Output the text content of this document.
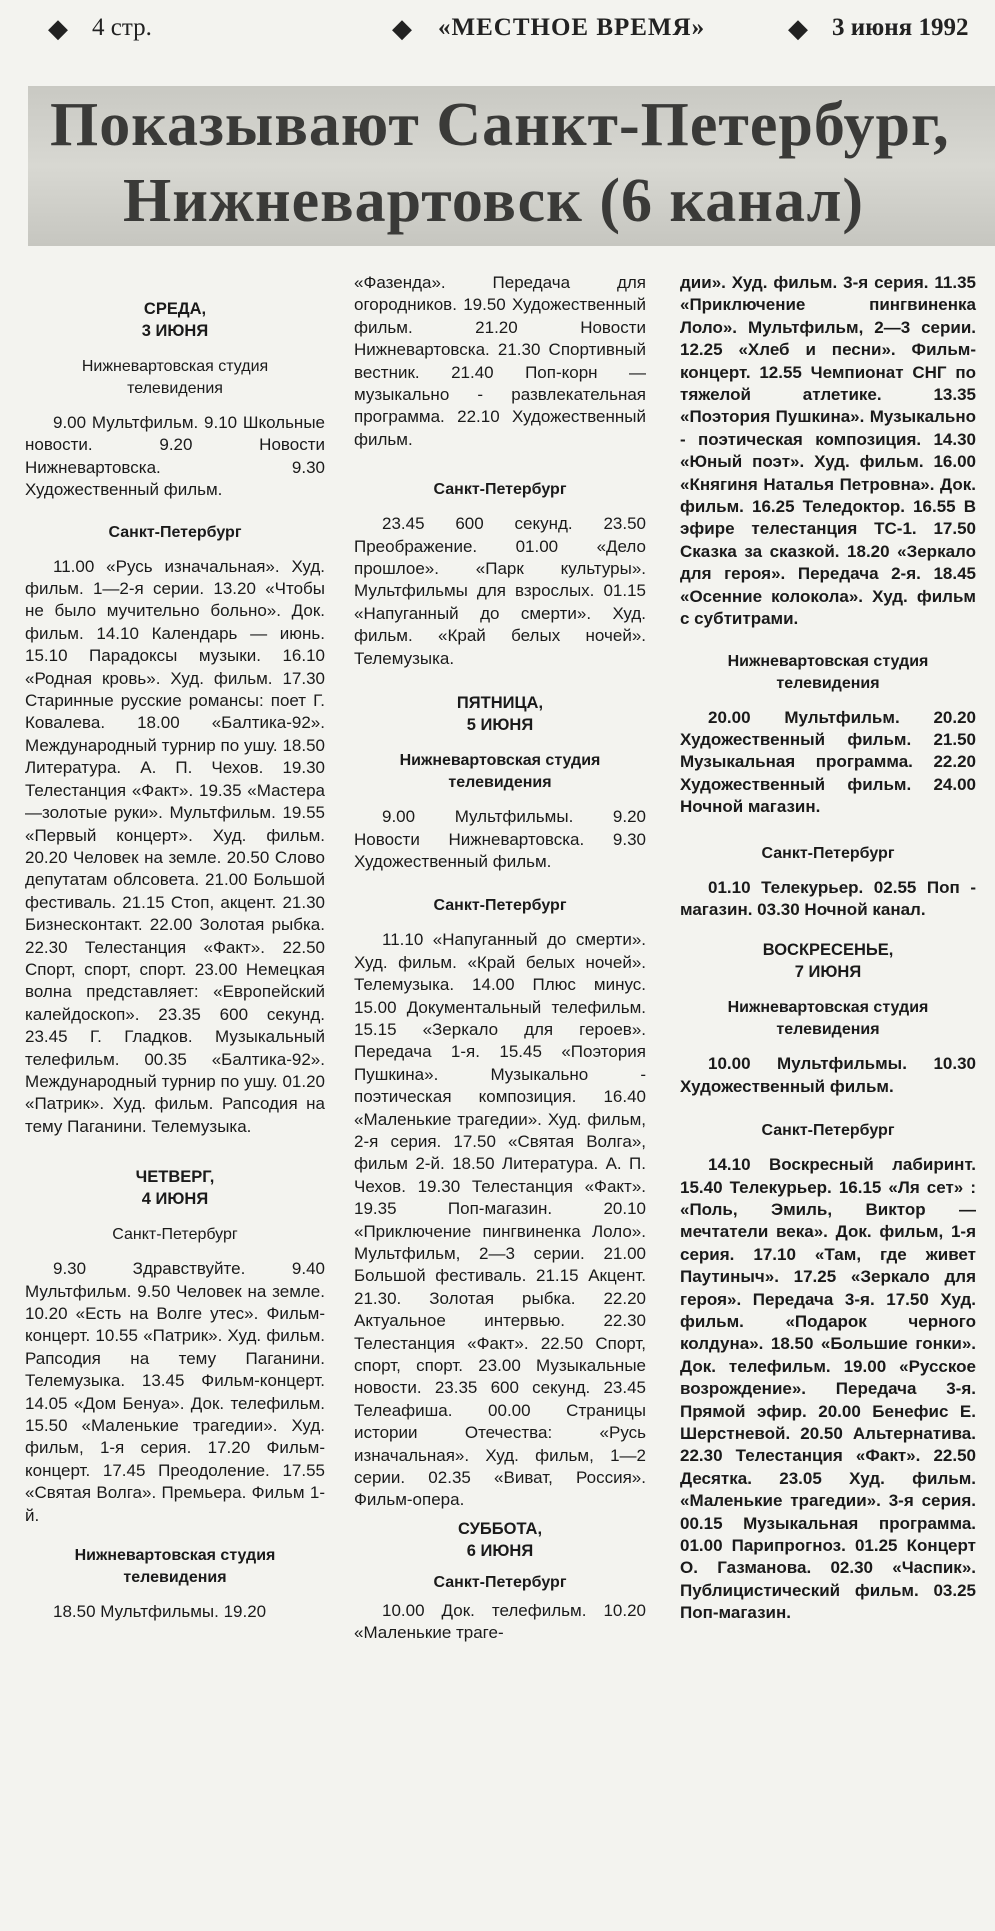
◆ 4 стр.	◆ «МЕСТНОЕ ВРЕМЯ»	◆ 3 июня 1992
Показывают Санкт-Петербург,
Нижневартовск (6 канал)
СРЕДА,
3 ИЮНЯ
Нижневартовская студия
телевидения

9.00 Мультфильм. 9.10 Школьные новости. 9.20 Новости Нижневартовска. 9.30 Художественный фильм.

Санкт-Петербург

11.00 «Русь изначальная». Худ. фильм. 1—2-я серии. 13.20 «Чтобы не было мучительно больно». Док. фильм. 14.10 Календарь — июнь. 15.10 Парадоксы музыки. 16.10 «Родная кровь». Худ. фильм. 17.30 Старинные русские романсы: поет Г. Ковалева. 18.00 «Балтика-92». Международный турнир по ушу. 18.50 Литература. А. П. Чехов. 19.30 Телестанция «Факт». 19.35 «Мастера—золотые руки». Мультфильм. 19.55 «Первый концерт». Худ. фильм. 20.20 Человек на земле. 20.50 Слово депутатам облсовета. 21.00 Большой фестиваль. 21.15 Стоп, акцент. 21.30 Бизнесконтакт. 22.00 Золотая рыбка. 22.30 Телестанция «Факт». 22.50 Спорт, спорт, спорт. 23.00 Немецкая волна представляет: «Европейский калейдоскоп». 23.35 600 секунд. 23.45 Г. Гладков. Музыкальный телефильм. 00.35 «Балтика-92». Международный турнир по ушу. 01.20 «Патрик». Худ. фильм. Рапсодия на тему Паганини. Телемузыка.

ЧЕТВЕРГ,
4 ИЮНЯ
Санкт-Петербург

9.30 Здравствуйте. 9.40 Мультфильм. 9.50 Человек на земле. 10.20 «Есть на Волге утес». Фильм-концерт. 10.55 «Патрик». Худ. фильм. Рапсодия на тему Паганини. Телемузыка. 13.45 Фильм-концерт. 14.05 «Дом Бенуа». Док. телефильм. 15.50 «Маленькие трагедии». Худ. фильм, 1-я серия. 17.20 Фильм-концерт. 17.45 Преодоление. 17.55 «Святая Волга». Премьера. Фильм 1-й.

Нижневартовская студия
телевидения

18.50 Мультфильмы. 19.20

«Фазенда». Передача для огородников. 19.50 Художественный фильм. 21.20 Новости Нижневартовска. 21.30 Спортивный вестник. 21.40 Поп-корн — музыкально - развлекательная программа. 22.10 Художественный фильм.

Санкт-Петербург

23.45 600 секунд. 23.50 Преображение. 01.00 «Дело прошлое». «Парк культуры». Мультфильмы для взрослых. 01.15 «Напуганный до смерти». Худ. фильм. «Край белых ночей». Телемузыка.

ПЯТНИЦА,
5 ИЮНЯ
Нижневартовская студия
телевидения

9.00 Мультфильмы. 9.20 Новости Нижневартовска. 9.30 Художественный фильм.

Санкт-Петербург

11.10 «Напуганный до смерти». Худ. фильм. «Край белых ночей». Телемузыка. 14.00 Плюс минус. 15.00 Документальный телефильм. 15.15 «Зеркало для героев». Передача 1-я. 15.45 «Поэтория Пушкина». Музыкально - поэтическая композиция. 16.40 «Маленькие трагедии». Худ. фильм, 2-я серия. 17.50 «Святая Волга», фильм 2-й. 18.50 Литература. А. П. Чехов. 19.30 Телестанция «Факт». 19.35 Поп-магазин. 20.10 «Приключение пингвиненка Лоло». Мультфильм, 2—3 серии. 21.00 Большой фестиваль. 21.15 Акцент. 21.30. Золотая рыбка. 22.20 Актуальное интервью. 22.30 Телестанция «Факт». 22.50 Спорт, спорт, спорт. 23.00 Музыкальные новости. 23.35 600 секунд. 23.45 Телеафиша. 00.00 Страницы истории Отечества: «Русь изначальная». Худ. фильм, 1—2 серии. 02.35 «Виват, Россия». Фильм-опера.

СУББОТА,
6 ИЮНЯ
Санкт-Петербург

10.00 Док. телефильм. 10.20 «Маленькие траге-

дии». Худ. фильм. 3-я серия. 11.35 «Приключение пингвиненка Лоло». Мультфильм, 2—3 серии. 12.25 «Хлеб и песни». Фильм-концерт. 12.55 Чемпионат СНГ по тяжелой атлетике. 13.35 «Поэтория Пушкина». Музыкально - поэтическая композиция. 14.30 «Юный поэт». Худ. фильм. 16.00 «Княгиня Наталья Петровна». Док. фильм. 16.25 Теледоктор. 16.55 В эфире телестанция ТС-1. 17.50 Сказка за сказкой. 18.20 «Зеркало для героя». Передача 2-я. 18.45 «Осенние колокола». Худ. фильм с субтитрами.

Нижневартовская студия
телевидения

20.00 Мультфильм. 20.20 Художественный фильм. 21.50 Музыкальная программа. 22.20 Художественный фильм. 24.00 Ночной магазин.

Санкт-Петербург

01.10 Телекурьер. 02.55 Поп - магазин. 03.30 Ночной канал.

ВОСКРЕСЕНЬЕ,
7 ИЮНЯ
Нижневартовская студия
телевидения

10.00 Мультфильмы. 10.30 Художественный фильм.

Санкт-Петербург

14.10 Воскресный лабиринт. 15.40 Телекурьер. 16.15 «Ля сет» : «Поль, Эмиль, Виктор — мечтатели века». Док. фильм, 1-я серия. 17.10 «Там, где живет Паутиныч». 17.25 «Зеркало для героя». Передача 3-я. 17.50 Худ. фильм. «Подарок черного колдуна». 18.50 «Большие гонки». Док. телефильм. 19.00 «Русское возрождение». Передача 3-я. Прямой эфир. 20.00 Бенефис Е. Шерстневой. 20.50 Альтернатива. 22.30 Телестанция «Факт». 22.50 Десятка. 23.05 Худ. фильм. «Маленькие трагедии». 3-я серия. 00.15 Музыкальная программа. 01.00 Парипрогноз. 01.25 Концерт О. Газманова. 02.30 «Часпик». Публицистический фильм. 03.25 Поп-магазин.
